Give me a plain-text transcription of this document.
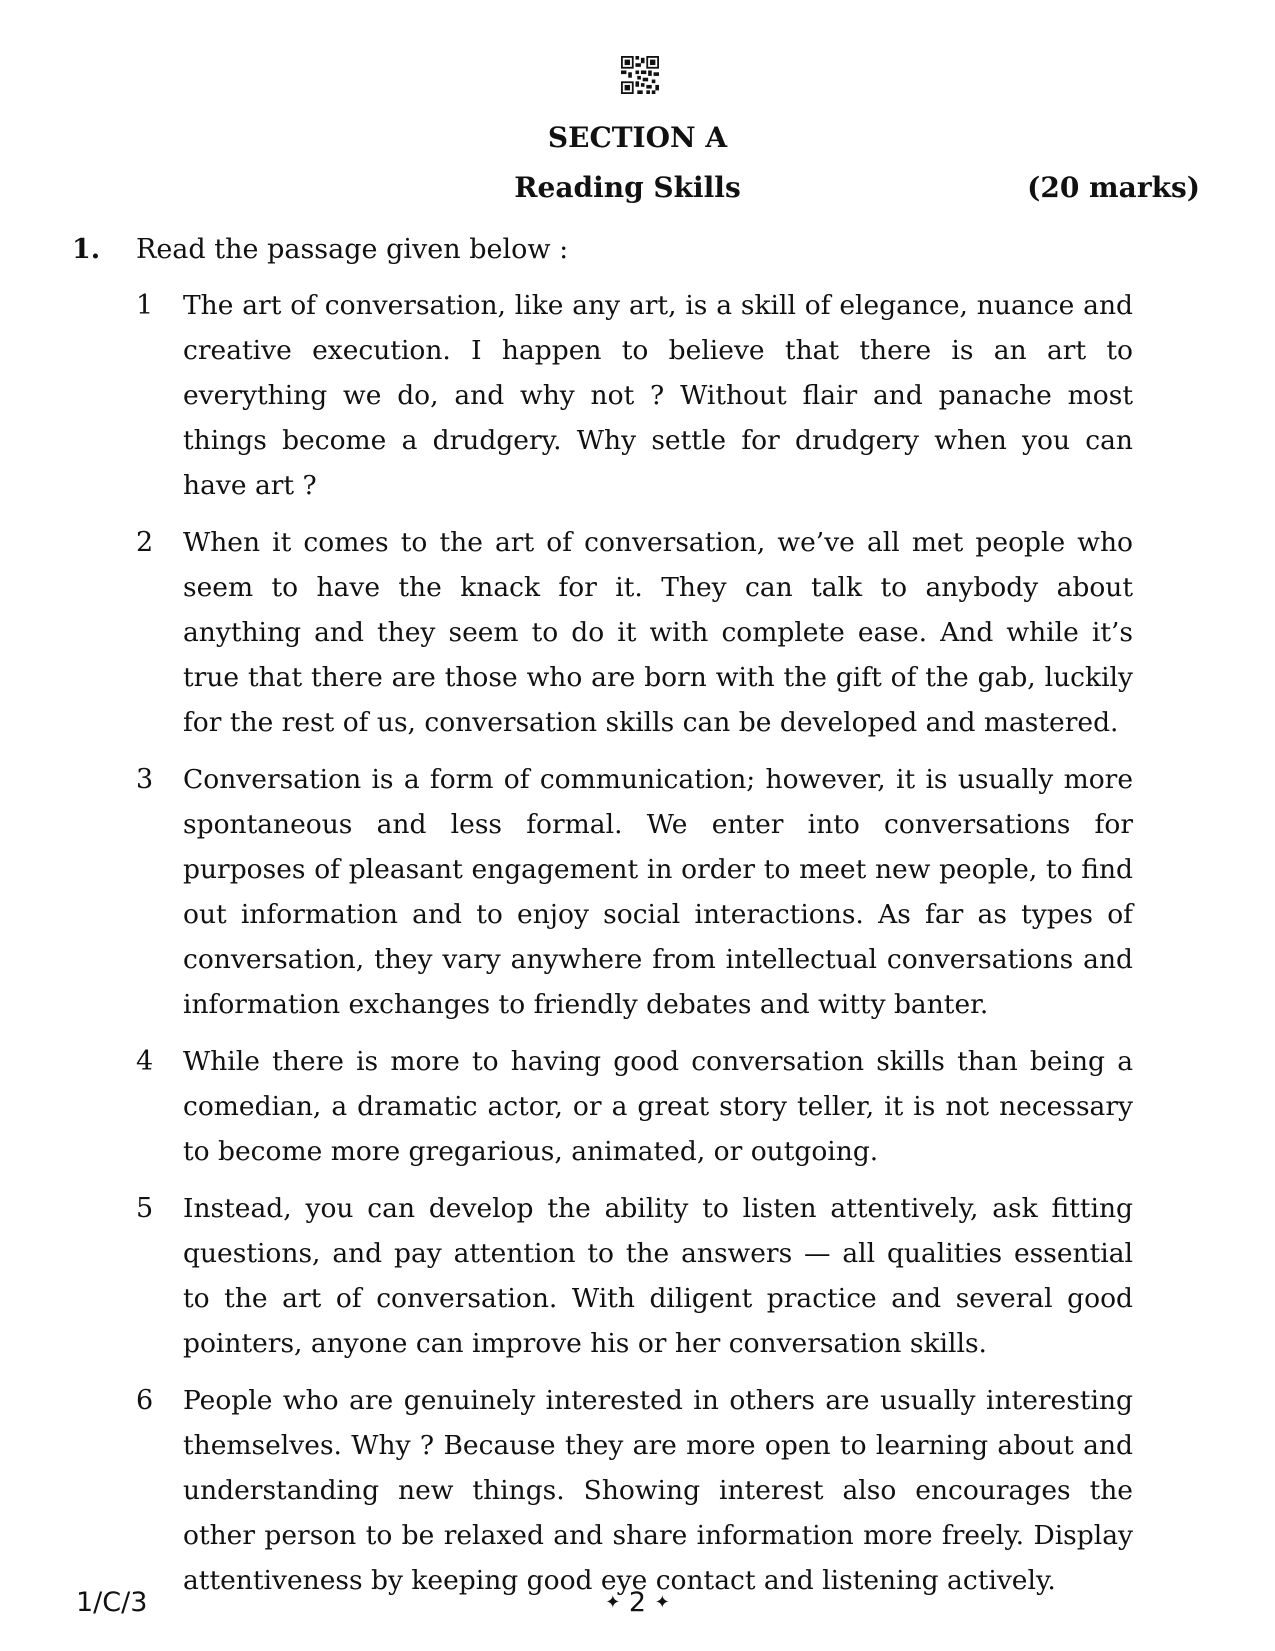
SECTION A
Reading Skills	(20 marks)
1. Read the passage given below :
1	The art of conversation, like any art, is a skill of elegance, nuance and creative execution. I happen to believe that there is an art to everything we do, and why not ? Without flair and panache most things become a drudgery. Why settle for drudgery when you can have art ?

2	When it comes to the art of conversation, we’ve all met people who seem to have the knack for it. They can talk to anybody about anything and they seem to do it with complete ease. And while it’s true that there are those who are born with the gift of the gab, luckily for the rest of us, conversation skills can be developed and mastered.

3	Conversation is a form of communication; however, it is usually more spontaneous and less formal. We enter into conversations for purposes of pleasant engagement in order to meet new people, to find out information and to enjoy social interactions. As far as types of conversation, they vary anywhere from intellectual conversations and information exchanges to friendly debates and witty banter.

4	While there is more to having good conversation skills than being a comedian, a dramatic actor, or a great story teller, it is not necessary to become more gregarious, animated, or outgoing.

5	Instead, you can develop the ability to listen attentively, ask fitting questions, and pay attention to the answers — all qualities essential to the art of conversation. With diligent practice and several good pointers, anyone can improve his or her conversation skills.

6	People who are genuinely interested in others are usually interesting themselves. Why ? Because they are more open to learning about and understanding new things. Showing interest also encourages the other person to be relaxed and share information more freely. Display attentiveness by keeping good eye contact and listening actively.

1/C/3	✦ 2 ✦
